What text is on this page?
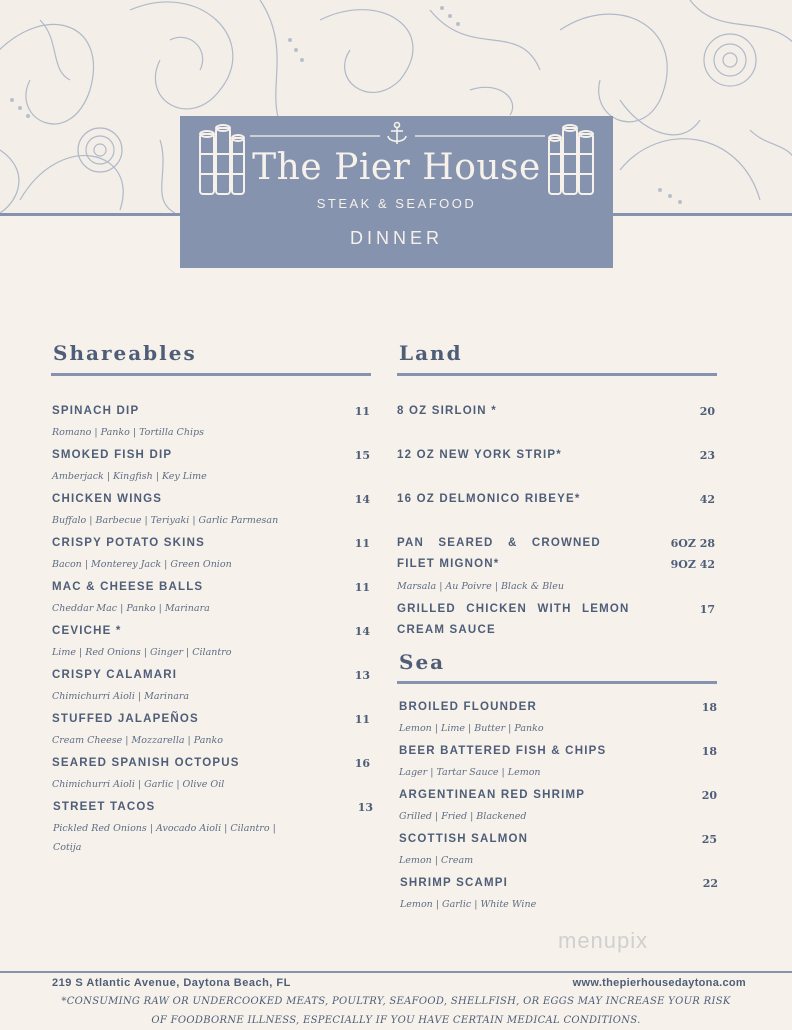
The Pier House
STEAK & SEAFOOD
DINNER
Shareables
SPINACH DIP	11
Romano | Panko | Tortilla Chips
SMOKED FISH DIP	15
Amberjack | Kingfish | Key Lime
CHICKEN WINGS	14
Buffalo | Barbecue | Teriyaki | Garlic Parmesan
CRISPY POTATO SKINS	11
Bacon | Monterey Jack | Green Onion
MAC & CHEESE BALLS	11
Cheddar Mac | Panko | Marinara
CEVICHE *	14
Lime | Red Onions | Ginger | Cilantro
CRISPY CALAMARI	13
Chimichurri Aioli | Marinara
STUFFED JALAPEÑOS	11
Cream Cheese | Mozzarella | Panko
SEARED SPANISH OCTOPUS	16
Chimichurri Aioli | Garlic | Olive Oil
STREET TACOS	13
Pickled Red Onions | Avocado Aioli | Cilantro |
Cotija
Land
8 OZ SIRLOIN *	20
12 OZ NEW YORK STRIP*	23
16 OZ DELMONICO RIBEYE*	42
PAN SEARED & CROWNED	6OZ 28
FILET MIGNON*	9OZ 42
Marsala | Au Poivre | Black & Bleu
GRILLED CHICKEN WITH LEMON	17
CREAM SAUCE
Sea
BROILED FLOUNDER	18
Lemon | Lime | Butter | Panko
BEER BATTERED FISH & CHIPS	18
Lager | Tartar Sauce | Lemon
ARGENTINEAN RED SHRIMP	20
Grilled | Fried | Blackened
SCOTTISH SALMON	25
Lemon | Cream
SHRIMP SCAMPI	22
Lemon | Garlic | White Wine
menupix
219 S Atlantic Avenue, Daytona Beach, FL	www.thepierhousedaytona.com
*CONSUMING RAW OR UNDERCOOKED MEATS, POULTRY, SEAFOOD, SHELLFISH, OR EGGS MAY INCREASE YOUR RISK OF FOODBORNE ILLNESS, ESPECIALLY IF YOU HAVE CERTAIN MEDICAL CONDITIONS.
